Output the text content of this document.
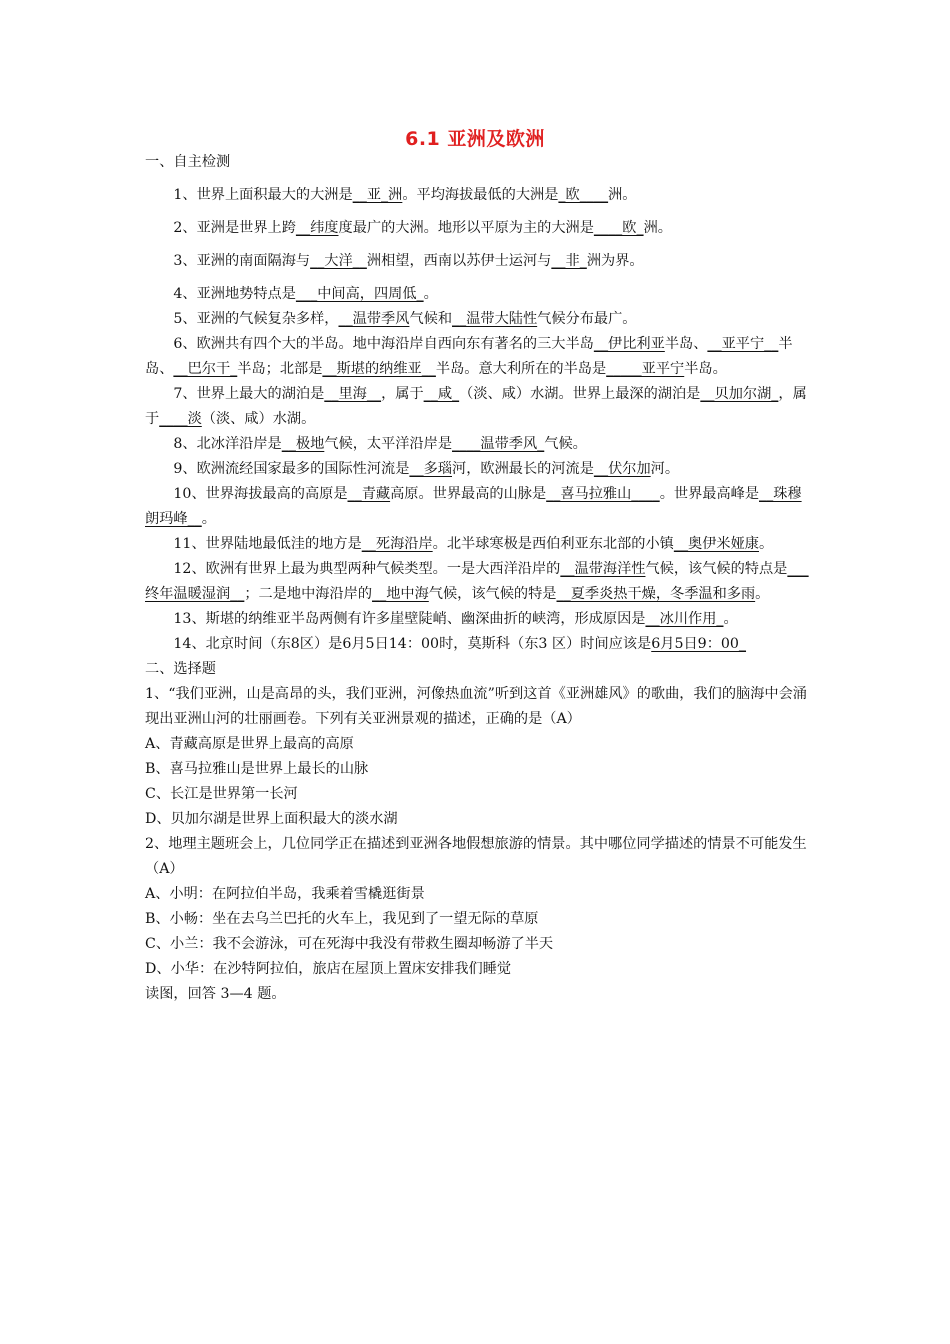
6.1 亚洲及欧洲

一、自主检测

1、世界上面积最大的大洲是__亚_洲。平均海拔最低的大洲是_欧____洲。

2、亚洲是世界上跨__纬度度最广的大洲。地形以平原为主的大洲是____欧_洲。

3、亚洲的南面隔海与__大洋__洲相望，西南以苏伊士运河与__非_洲为界。

4、亚洲地势特点是___中间高，四周低_。

5、亚洲的气候复杂多样，__温带季风气候和__温带大陆性气候分布最广。

6、欧洲共有四个大的半岛。地中海沿岸自西向东有著名的三大半岛__伊比利亚半岛、__亚平宁__半岛、__巴尔干_半岛；北部是__斯堪的纳维亚__半岛。意大利所在的半岛是_____亚平宁半岛。

7、世界上最大的湖泊是__里海__，属于__咸_（淡、咸）水湖。世界上最深的湖泊是__贝加尔湖_，属于____淡（淡、咸）水湖。

8、北冰洋沿岸是__极地气候，太平洋沿岸是____温带季风_气候。

9、欧洲流经国家最多的国际性河流是__多瑙河，欧洲最长的河流是__伏尔加河。

10、世界海拔最高的高原是__青藏高原。世界最高的山脉是__喜马拉雅山____。世界最高峰是__珠穆朗玛峰__。

11、世界陆地最低洼的地方是__死海沿岸。北半球寒极是西伯利亚东北部的小镇__奥伊米娅康。

12、欧洲有世界上最为典型两种气候类型。一是大西洋沿岸的__温带海洋性气候，该气候的特点是___终年温暖湿润__；二是地中海沿岸的__地中海气候，该气候的特是__夏季炎热干燥，冬季温和多雨。

13、斯堪的纳维亚半岛两侧有许多崖壁陡峭、幽深曲折的峡湾，形成原因是__冰川作用_。

14、北京时间（东8区）是6月5日14：00时，莫斯科（东3 区）时间应该是6月5日9：00_

二、选择题

1、“我们亚洲，山是高昂的头，我们亚洲，河像热血流”听到这首《亚洲雄风》的歌曲，我们的脑海中会涌现出亚洲山河的壮丽画卷。下列有关亚洲景观的描述，正确的是（A）

A、青藏高原是世界上最高的高原

B、喜马拉雅山是世界上最长的山脉

C、长江是世界第一长河

D、贝加尔湖是世界上面积最大的淡水湖

2、地理主题班会上，几位同学正在描述到亚洲各地假想旅游的情景。其中哪位同学描述的情景不可能发生（A）

A、小明：在阿拉伯半岛，我乘着雪橇逛街景

B、小畅：坐在去乌兰巴托的火车上，我见到了一望无际的草原

C、小兰：我不会游泳，可在死海中我没有带救生圈却畅游了半天

D、小华：在沙特阿拉伯，旅店在屋顶上置床安排我们睡觉

读图，回答 3—4 题。
